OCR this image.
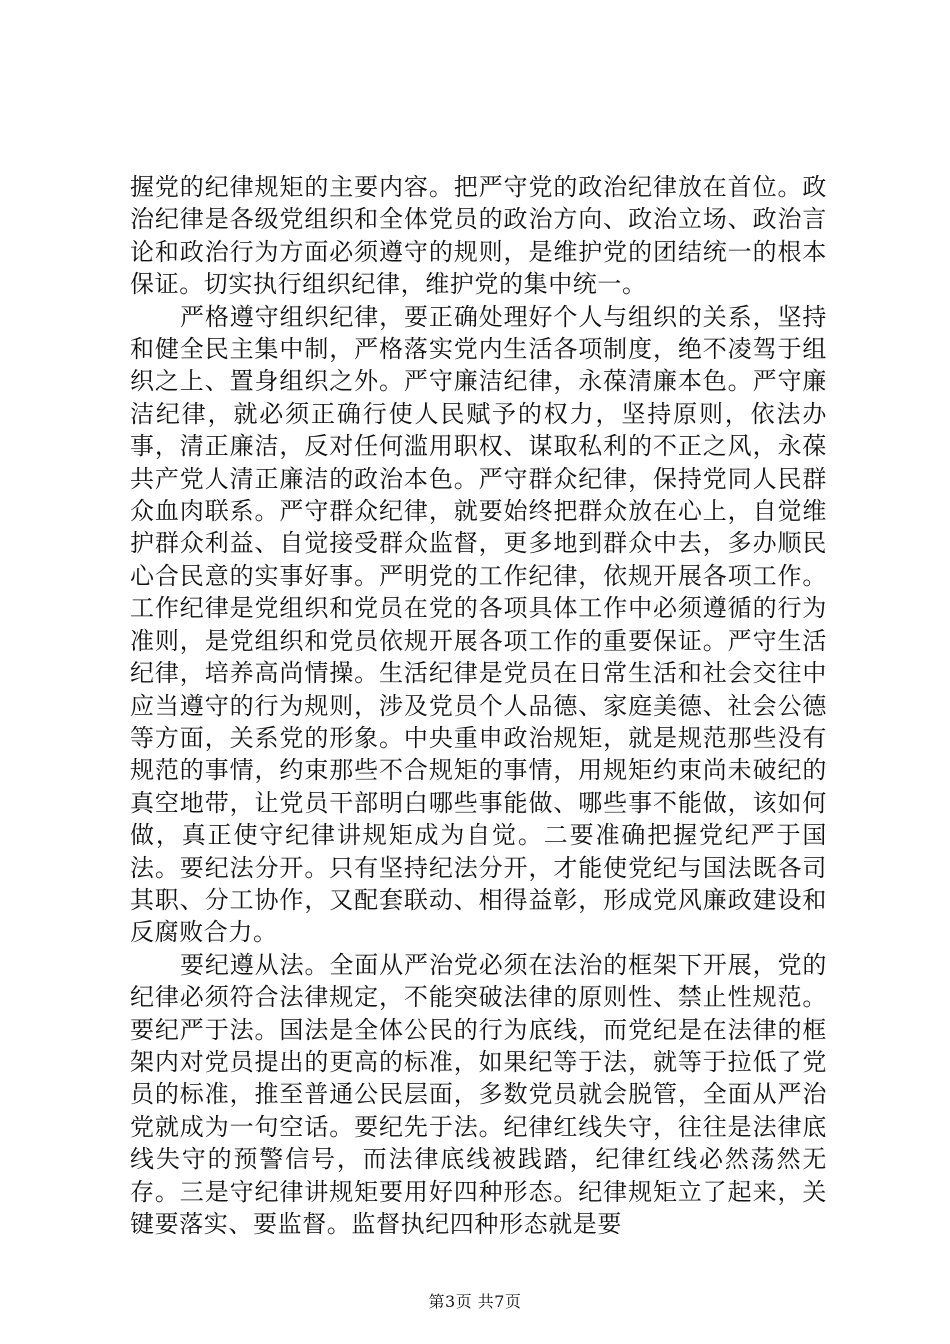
握党的纪律规矩的主要内容。把严守党的政治纪律放在首位。政治纪律是各级党组织和全体党员的政治方向、政治立场、政治言论和政治行为方面必须遵守的规则，是维护党的团结统一的根本保证。切实执行组织纪律，维护党的集中统一。

严格遵守组织纪律，要正确处理好个人与组织的关系，坚持和健全民主集中制，严格落实党内生活各项制度，绝不凌驾于组织之上、置身组织之外。严守廉洁纪律，永葆清廉本色。严守廉洁纪律，就必须正确行使人民赋予的权力，坚持原则，依法办事，清正廉洁，反对任何滥用职权、谋取私利的不正之风，永葆共产党人清正廉洁的政治本色。严守群众纪律，保持党同人民群众血肉联系。严守群众纪律，就要始终把群众放在心上，自觉维护群众利益、自觉接受群众监督，更多地到群众中去，多办顺民心合民意的实事好事。严明党的工作纪律，依规开展各项工作。工作纪律是党组织和党员在党的各项具体工作中必须遵循的行为准则，是党组织和党员依规开展各项工作的重要保证。严守生活纪律，培养高尚情操。生活纪律是党员在日常生活和社会交往中应当遵守的行为规则，涉及党员个人品德、家庭美德、社会公德等方面，关系党的形象。中央重申政治规矩，就是规范那些没有规范的事情，约束那些不合规矩的事情，用规矩约束尚未破纪的真空地带，让党员干部明白哪些事能做、哪些事不能做，该如何做，真正使守纪律讲规矩成为自觉。二要准确把握党纪严于国法。要纪法分开。只有坚持纪法分开，才能使党纪与国法既各司其职、分工协作，又配套联动、相得益彰，形成党风廉政建设和反腐败合力。

要纪遵从法。全面从严治党必须在法治的框架下开展，党的纪律必须符合法律规定，不能突破法律的原则性、禁止性规范。要纪严于法。国法是全体公民的行为底线，而党纪是在法律的框架内对党员提出的更高的标准，如果纪等于法，就等于拉低了党员的标准，推至普通公民层面，多数党员就会脱管，全面从严治党就成为一句空话。要纪先于法。纪律红线失守，往往是法律底线失守的预警信号，而法律底线被践踏，纪律红线必然荡然无存。三是守纪律讲规矩要用好四种形态。纪律规矩立了起来，关键要落实、要监督。监督执纪四种形态就是要

第3页 共7页
